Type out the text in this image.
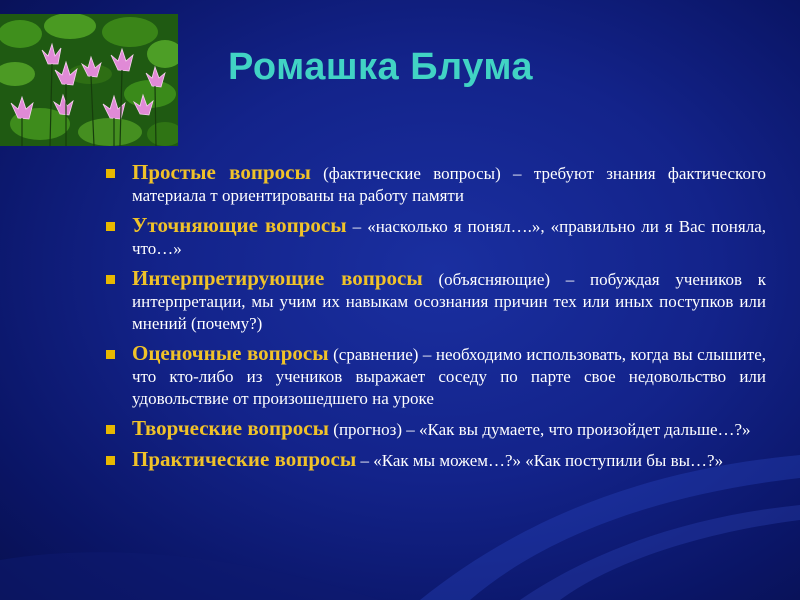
Ромашка Блума
Простые вопросы (фактические вопросы) – требуют знания фактического материала т ориентированы на работу памяти
Уточняющие вопросы – «насколько я понял….», «правильно ли я Вас поняла, что…»
Интерпретирующие вопросы (объясняющие) – побуждая учеников к интерпретации, мы учим их навыкам осознания причин тех или иных поступков или мнений (почему?)
Оценочные вопросы (сравнение) – необходимо использовать, когда вы слышите, что кто-либо из учеников выражает соседу по парте свое недовольство или удовольствие от произошедшего на уроке
Творческие вопросы (прогноз) – «Как вы думаете, что произойдет дальше…?»
Практические вопросы – «Как мы можем…?» «Как поступили бы вы…?»
